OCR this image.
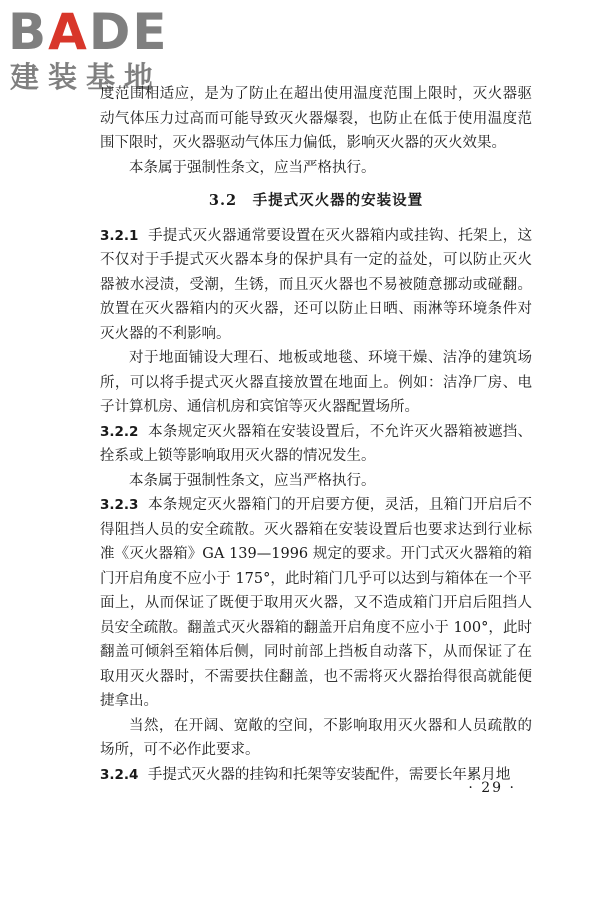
BADE
建装基地

度范围相适应，是为了防止在超出使用温度范围上限时，灭火器驱动气体压力过高而可能导致灭火器爆裂，也防止在低于使用温度范围下限时，灭火器驱动气体压力偏低，影响灭火器的灭火效果。

本条属于强制性条文，应当严格执行。

3.2　手提式灭火器的安装设置

3.2.1 手提式灭火器通常要设置在灭火器箱内或挂钩、托架上，这不仅对于手提式灭火器本身的保护具有一定的益处，可以防止灭火器被水浸渍，受潮，生锈，而且灭火器也不易被随意挪动或碰翻。放置在灭火器箱内的灭火器，还可以防止日晒、雨淋等环境条件对灭火器的不利影响。

对于地面铺设大理石、地板或地毯、环境干燥、洁净的建筑场所，可以将手提式灭火器直接放置在地面上。例如：洁净厂房、电子计算机房、通信机房和宾馆等灭火器配置场所。

3.2.2 本条规定灭火器箱在安装设置后，不允许灭火器箱被遮挡、拴系或上锁等影响取用灭火器的情况发生。

本条属于强制性条文，应当严格执行。

3.2.3 本条规定灭火器箱门的开启要方便，灵活，且箱门开启后不得阻挡人员的安全疏散。灭火器箱在安装设置后也要求达到行业标准《灭火器箱》GA 139—1996 规定的要求。开门式灭火器箱的箱门开启角度不应小于 175°，此时箱门几乎可以达到与箱体在一个平面上，从而保证了既便于取用灭火器，又不造成箱门开启后阻挡人员安全疏散。翻盖式灭火器箱的翻盖开启角度不应小于 100°，此时翻盖可倾斜至箱体后侧，同时前部上挡板自动落下，从而保证了在取用灭火器时，不需要扶住翻盖，也不需将灭火器抬得很高就能便捷拿出。

当然，在开阔、宽敞的空间，不影响取用灭火器和人员疏散的场所，可不必作此要求。

3.2.4 手提式灭火器的挂钩和托架等安装配件，需要长年累月地

· 29 ·
